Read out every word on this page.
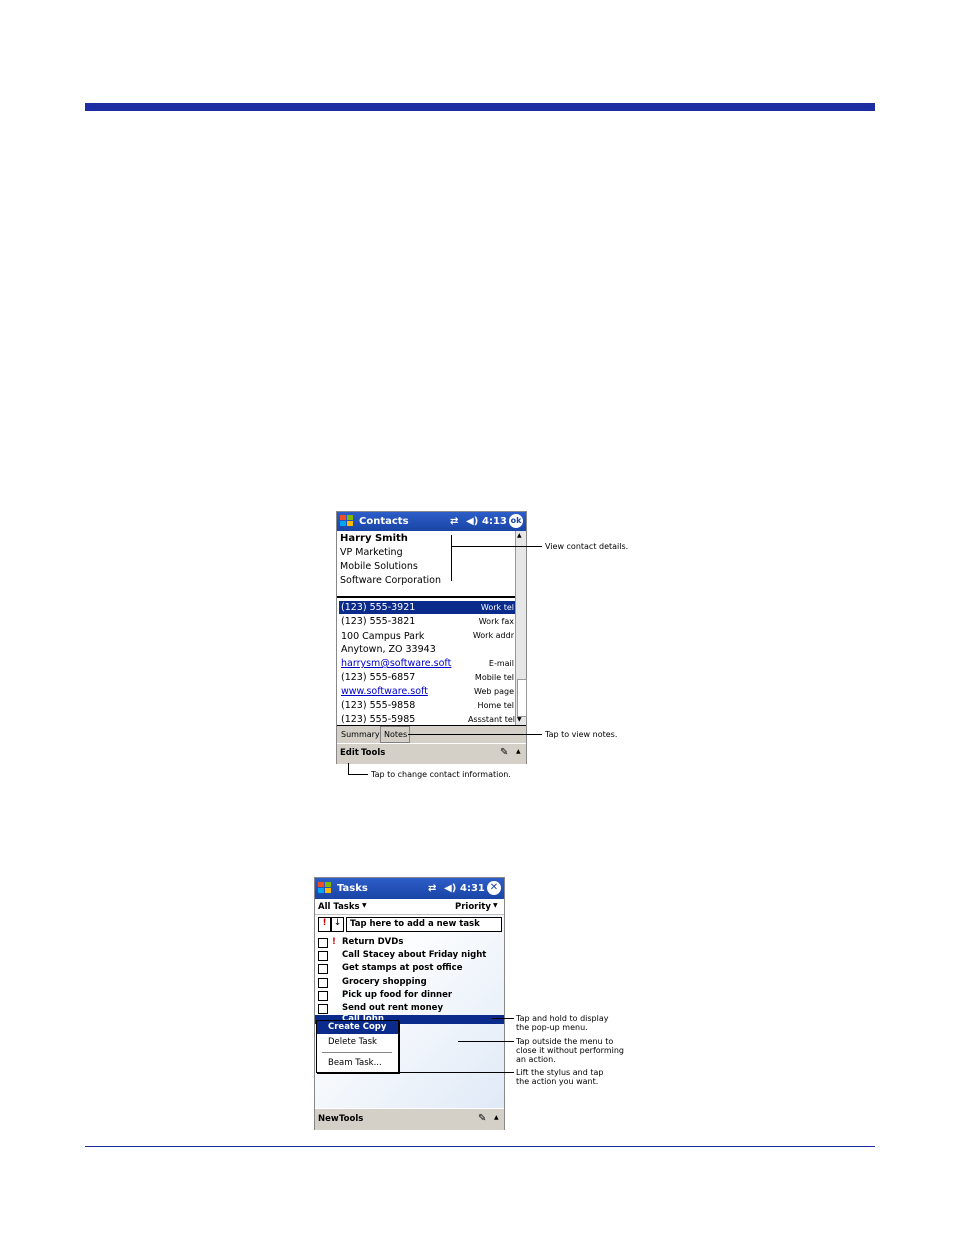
Contacts	⇄ ◀) 4:13 ok
Harry Smith
VP Marketing
Mobile Solutions
Software Corporation
▲
▼
(123) 555-3921	Work tel
(123) 555-3821	Work fax
100 Campus Park	Work addr
Anytown, ZO 33943
harrysm@software.soft	E-mail
(123) 555-6857	Mobile tel
www.software.soft	Web page
(123) 555-9858	Home tel
(123) 555-5985	Assstant tel
Summary Notes
Edit Tools	✎ ▲
View contact details.
Tap to view notes.
Tap to change contact information.
Tasks	⇄ ◀) 4:31 ✕
All Tasks ▼	Priority ▼
! ↓	Tap here to add a new task
! Return DVDs
Call Stacey about Friday night
Get stamps at post office
Grocery shopping
Pick up food for dinner
Send out rent money
Create Copy
Delete Task
Beam Task...
New Tools	✎ ▲
Tap and hold to display the pop-up menu.
Tap outside the menu to close it without performing an action.
Lift the stylus and tap the action you want.
